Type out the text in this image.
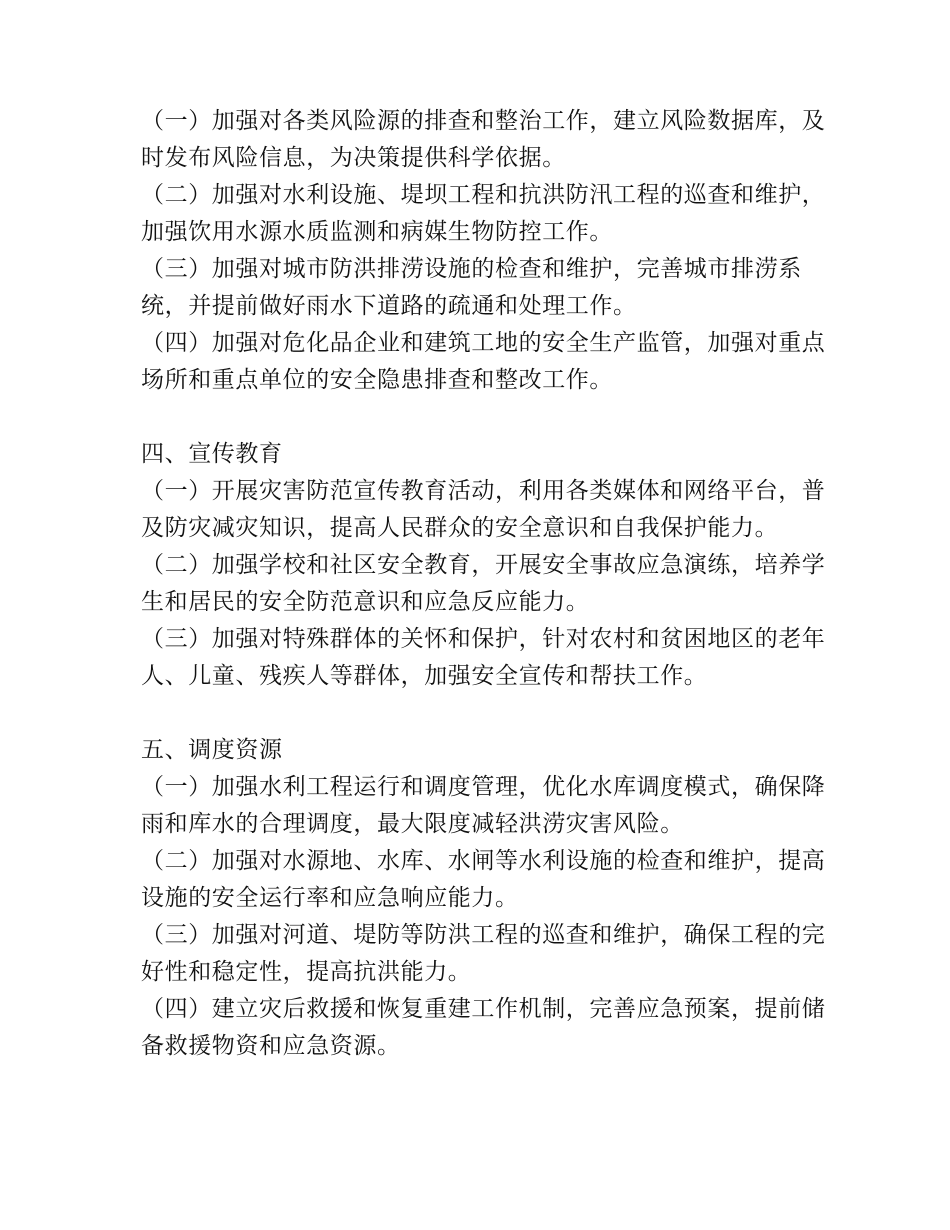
（一）加强对各类风险源的排查和整治工作，建立风险数据库，及时发布风险信息，为决策提供科学依据。

（二）加强对水利设施、堤坝工程和抗洪防汛工程的巡查和维护，加强饮用水源水质监测和病媒生物防控工作。

（三）加强对城市防洪排涝设施的检查和维护，完善城市排涝系统，并提前做好雨水下道路的疏通和处理工作。

（四）加强对危化品企业和建筑工地的安全生产监管，加强对重点场所和重点单位的安全隐患排查和整改工作。

四、宣传教育

（一）开展灾害防范宣传教育活动，利用各类媒体和网络平台，普及防灾减灾知识，提高人民群众的安全意识和自我保护能力。

（二）加强学校和社区安全教育，开展安全事故应急演练，培养学生和居民的安全防范意识和应急反应能力。

（三）加强对特殊群体的关怀和保护，针对农村和贫困地区的老年人、儿童、残疾人等群体，加强安全宣传和帮扶工作。

五、调度资源

（一）加强水利工程运行和调度管理，优化水库调度模式，确保降雨和库水的合理调度，最大限度减轻洪涝灾害风险。

（二）加强对水源地、水库、水闸等水利设施的检查和维护，提高设施的安全运行率和应急响应能力。

（三）加强对河道、堤防等防洪工程的巡查和维护，确保工程的完好性和稳定性，提高抗洪能力。

（四）建立灾后救援和恢复重建工作机制，完善应急预案，提前储备救援物资和应急资源。
